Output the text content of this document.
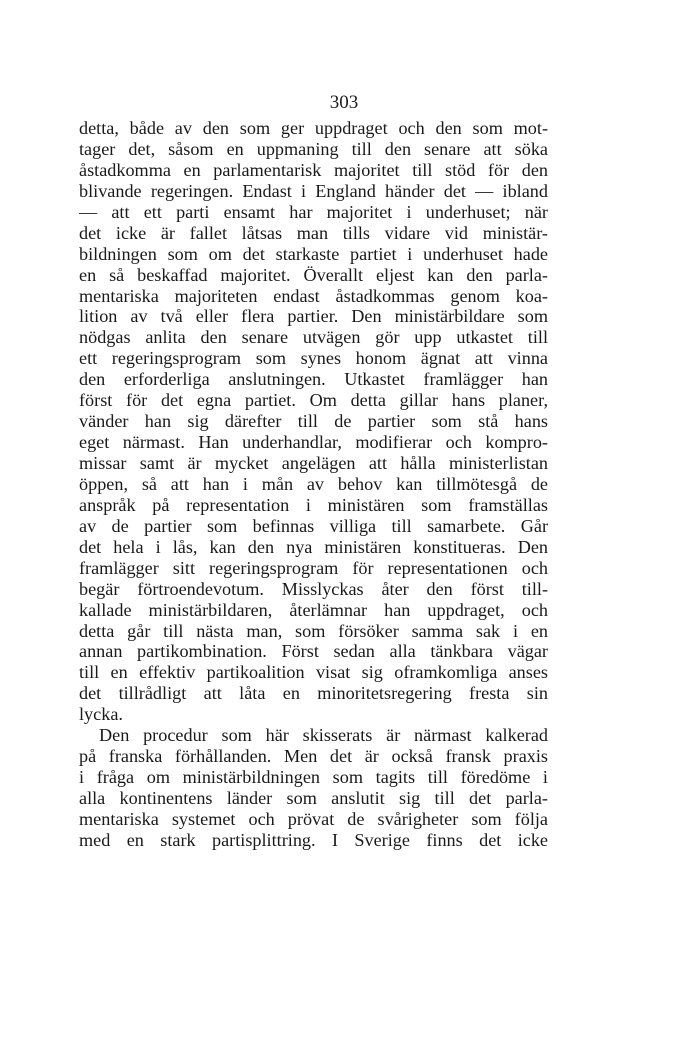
303
detta, både av den som ger uppdraget och den som mot-
tager det, såsom en uppmaning till den senare att söka
åstadkomma en parlamentarisk majoritet till stöd för den
blivande regeringen. Endast i England händer det — ibland
— att ett parti ensamt har majoritet i underhuset; när
det icke är fallet låtsas man tills vidare vid ministär-
bildningen som om det starkaste partiet i underhuset hade
en så beskaffad majoritet. Överallt eljest kan den parla-
mentariska majoriteten endast åstadkommas genom koa-
lition av två eller flera partier. Den ministärbildare som
nödgas anlita den senare utvägen gör upp utkastet till
ett regeringsprogram som synes honom ägnat att vinna
den erforderliga anslutningen. Utkastet framlägger han
först för det egna partiet. Om detta gillar hans planer,
vänder han sig därefter till de partier som stå hans
eget närmast. Han underhandlar, modifierar och kompro-
missar samt är mycket angelägen att hålla ministerlistan
öppen, så att han i mån av behov kan tillmötesgå de
anspråk på representation i ministären som framställas
av de partier som befinnas villiga till samarbete. Går
det hela i lås, kan den nya ministären konstitueras. Den
framlägger sitt regeringsprogram för representationen och
begär förtroendevotum. Misslyckas åter den först till-
kallade ministärbildaren, återlämnar han uppdraget, och
detta går till nästa man, som försöker samma sak i en
annan partikombination. Först sedan alla tänkbara vägar
till en effektiv partikoalition visat sig oframkomliga anses
det tillrådligt att låta en minoritetsregering fresta sin
lycka.
Den procedur som här skisserats är närmast kalkerad
på franska förhållanden. Men det är också fransk praxis
i fråga om ministärbildningen som tagits till föredöme i
alla kontinentens länder som anslutit sig till det parla-
mentariska systemet och prövat de svårigheter som följa
med en stark partisplittring. I Sverige finns det icke
